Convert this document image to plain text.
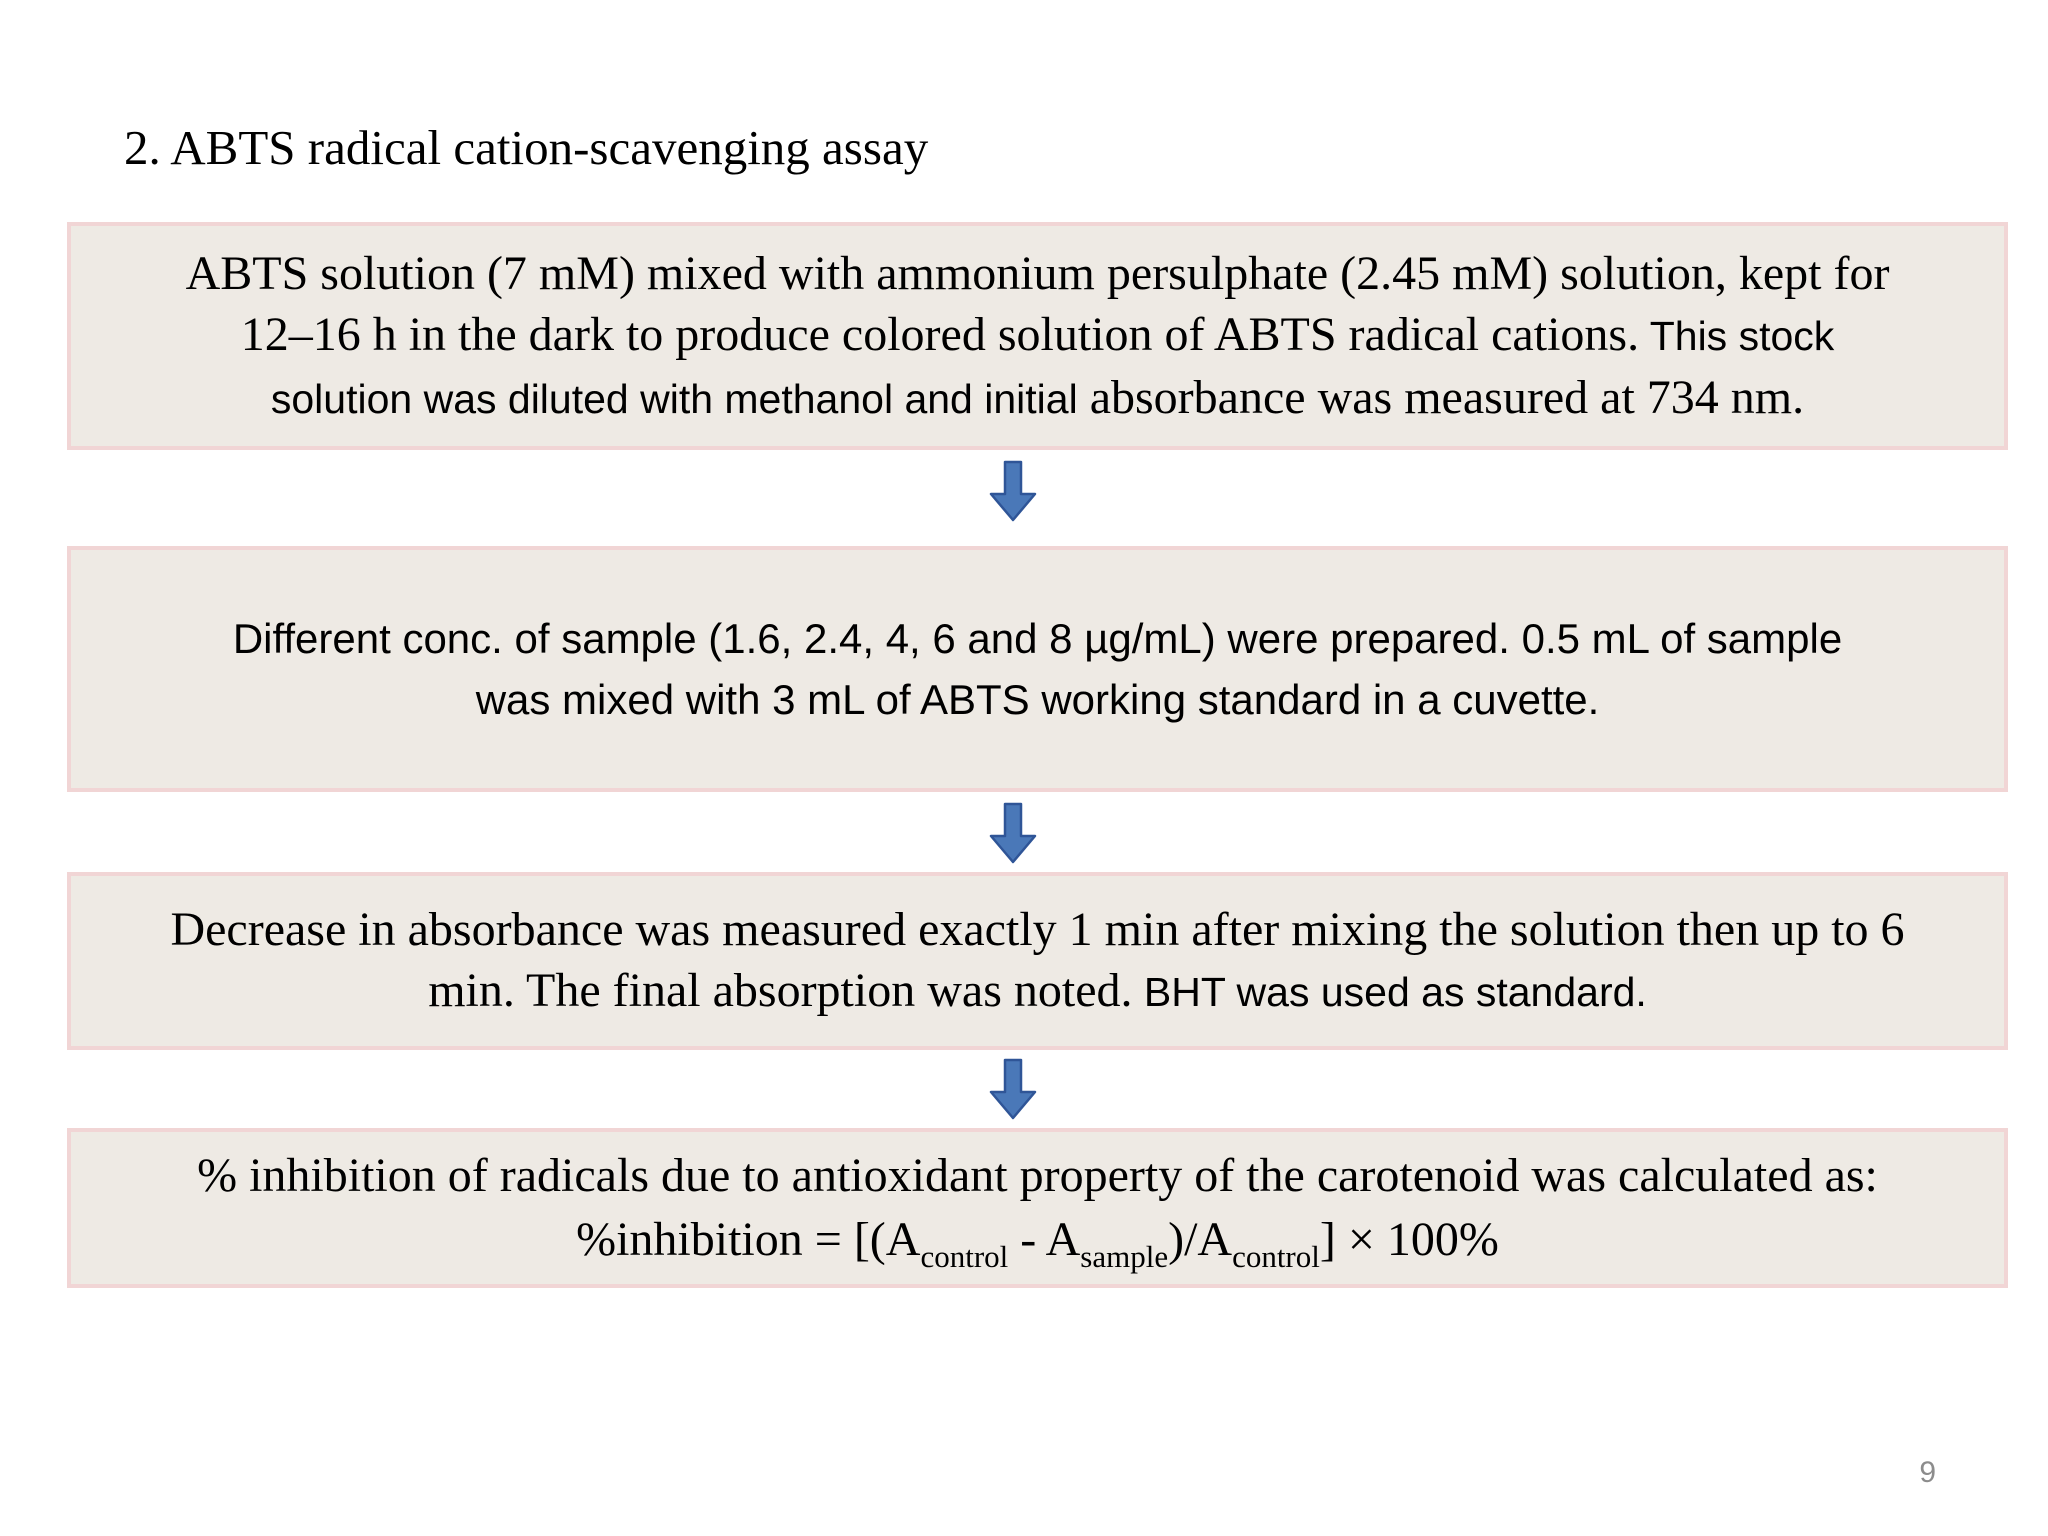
2. ABTS radical cation-scavenging assay
ABTS solution (7 mM) mixed with ammonium persulphate (2.45 mM) solution, kept for
12–16 h in the dark to produce colored solution of ABTS radical cations. This stock
solution was diluted with methanol and initial absorbance was measured at 734 nm.
Different conc. of sample (1.6, 2.4, 4, 6 and 8 µg/mL) were prepared. 0.5 mL of sample
was mixed with 3 mL of ABTS working standard in a cuvette.
Decrease in absorbance was measured exactly 1 min after mixing the solution then up to 6
min. The final absorption was noted. BHT was used as standard.
% inhibition of radicals due to antioxidant property of the carotenoid was calculated as:
%inhibition = $[(A_{control} - A_{sample})/A_{control}] \times 100\%$
9
